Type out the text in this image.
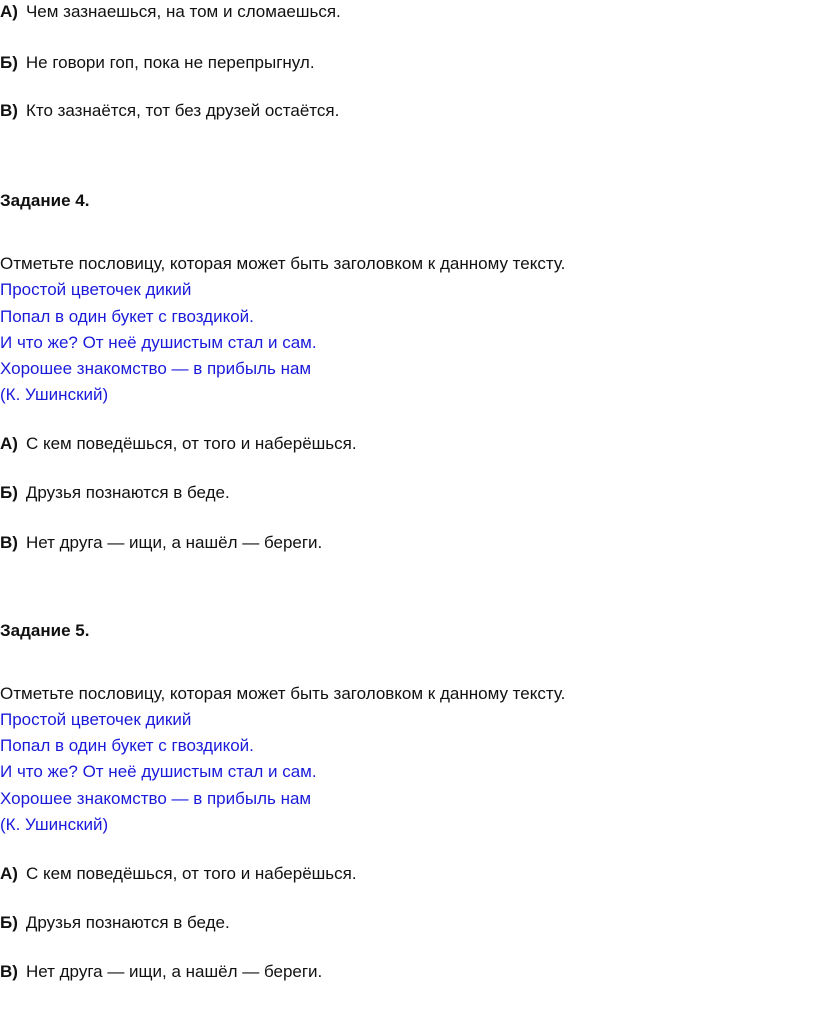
А) Чем зазнаешься, на том и сломаешься.
Б) Не говори гоп, пока не перепрыгнул.
В) Кто зазнаётся, тот без друзей остаётся.
Задание 4.
Отметьте пословицу, которая может быть заголовком к данному тексту.
Простой цветочек дикий
Попал в один букет с гвоздикой.
И что же? От неё душистым стал и сам.
Хорошее знакомство — в прибыль нам
(К. Ушинский)
А) С кем поведёшься, от того и наберёшься.
Б) Друзья познаются в беде.
В) Нет друга — ищи, а нашёл — береги.
Задание 5.
Отметьте пословицу, которая может быть заголовком к данному тексту.
Простой цветочек дикий
Попал в один букет с гвоздикой.
И что же? От неё душистым стал и сам.
Хорошее знакомство — в прибыль нам
(К. Ушинский)
А) С кем поведёшься, от того и наберёшься.
Б) Друзья познаются в беде.
В) Нет друга — ищи, а нашёл — береги.
